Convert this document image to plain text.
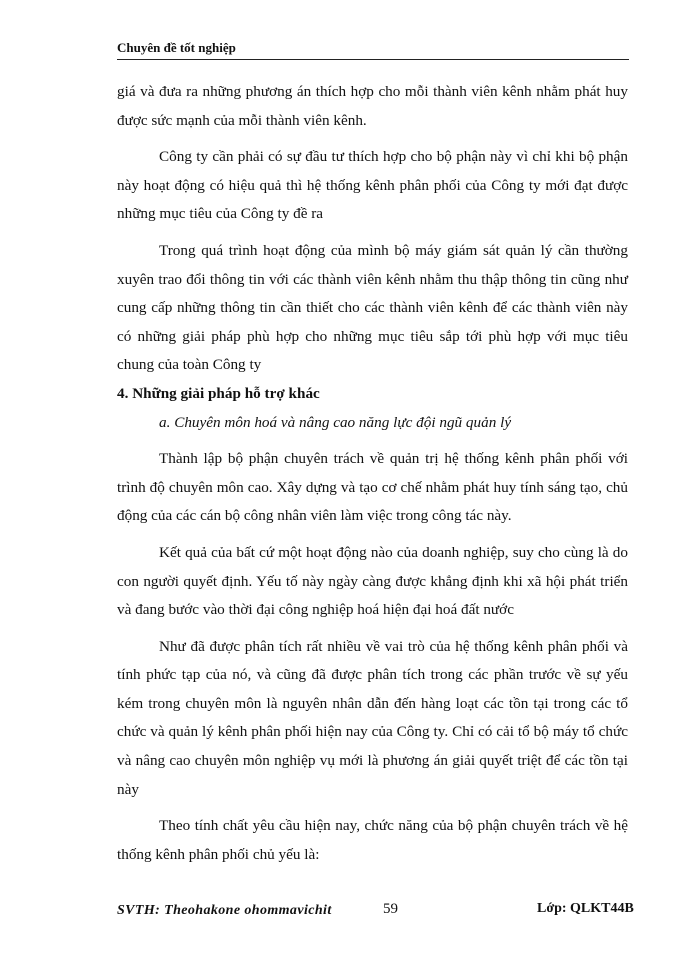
Chuyên đề tốt nghiệp

giá và đưa ra những phương án thích hợp cho mỗi thành viên kênh nhằm phát huy được sức mạnh của mỗi thành viên kênh.

Công ty cần phải có sự đầu tư thích hợp cho bộ phận này vì chỉ khi bộ phận này hoạt động có hiệu quả thì hệ thống kênh phân phối của Công ty mới đạt được những mục tiêu của Công ty đề ra

Trong quá trình hoạt động của mình bộ máy giám sát quản lý cần thường xuyên trao đổi thông tin với các thành viên kênh nhằm thu thập thông tin cũng như cung cấp những thông tin cần thiết cho các thành viên kênh để các thành viên này có những giải pháp phù hợp cho những mục tiêu sắp tới phù hợp với mục tiêu chung của toàn Công ty

4. Những giải pháp hỗ trợ khác
a. Chuyên môn hoá và nâng cao năng lực đội ngũ quản lý

Thành lập bộ phận chuyên trách về quản trị hệ thống kênh phân phối với trình độ chuyên môn cao. Xây dựng và tạo cơ chế nhằm phát huy tính sáng tạo, chủ động của các cán bộ công nhân viên làm việc trong công tác này.

Kết quả của bất cứ một hoạt động nào của doanh nghiệp, suy cho cùng là do con người quyết định. Yếu tố này ngày càng được khẳng định khi xã hội phát triển và đang bước vào thời đại công nghiệp hoá hiện đại hoá đất nước

Như đã được phân tích rất nhiều về vai trò của hệ thống kênh phân phối và tính phức tạp của nó, và cũng đã được phân tích trong các phần trước về sự yếu kém trong chuyên môn là nguyên nhân dẫn đến hàng loạt các tồn tại trong các tổ chức và quản lý kênh phân phối hiện nay của Công ty. Chỉ có cải tổ bộ máy tổ chức và nâng cao chuyên môn nghiệp vụ mới là phương án giải quyết triệt để các tồn tại này

Theo tính chất yêu cầu hiện nay, chức năng của bộ phận chuyên trách về hệ thống kênh phân phối chủ yếu là:

SVTH: Theohakone ohommavichit	59	Lớp: QLKT44B
